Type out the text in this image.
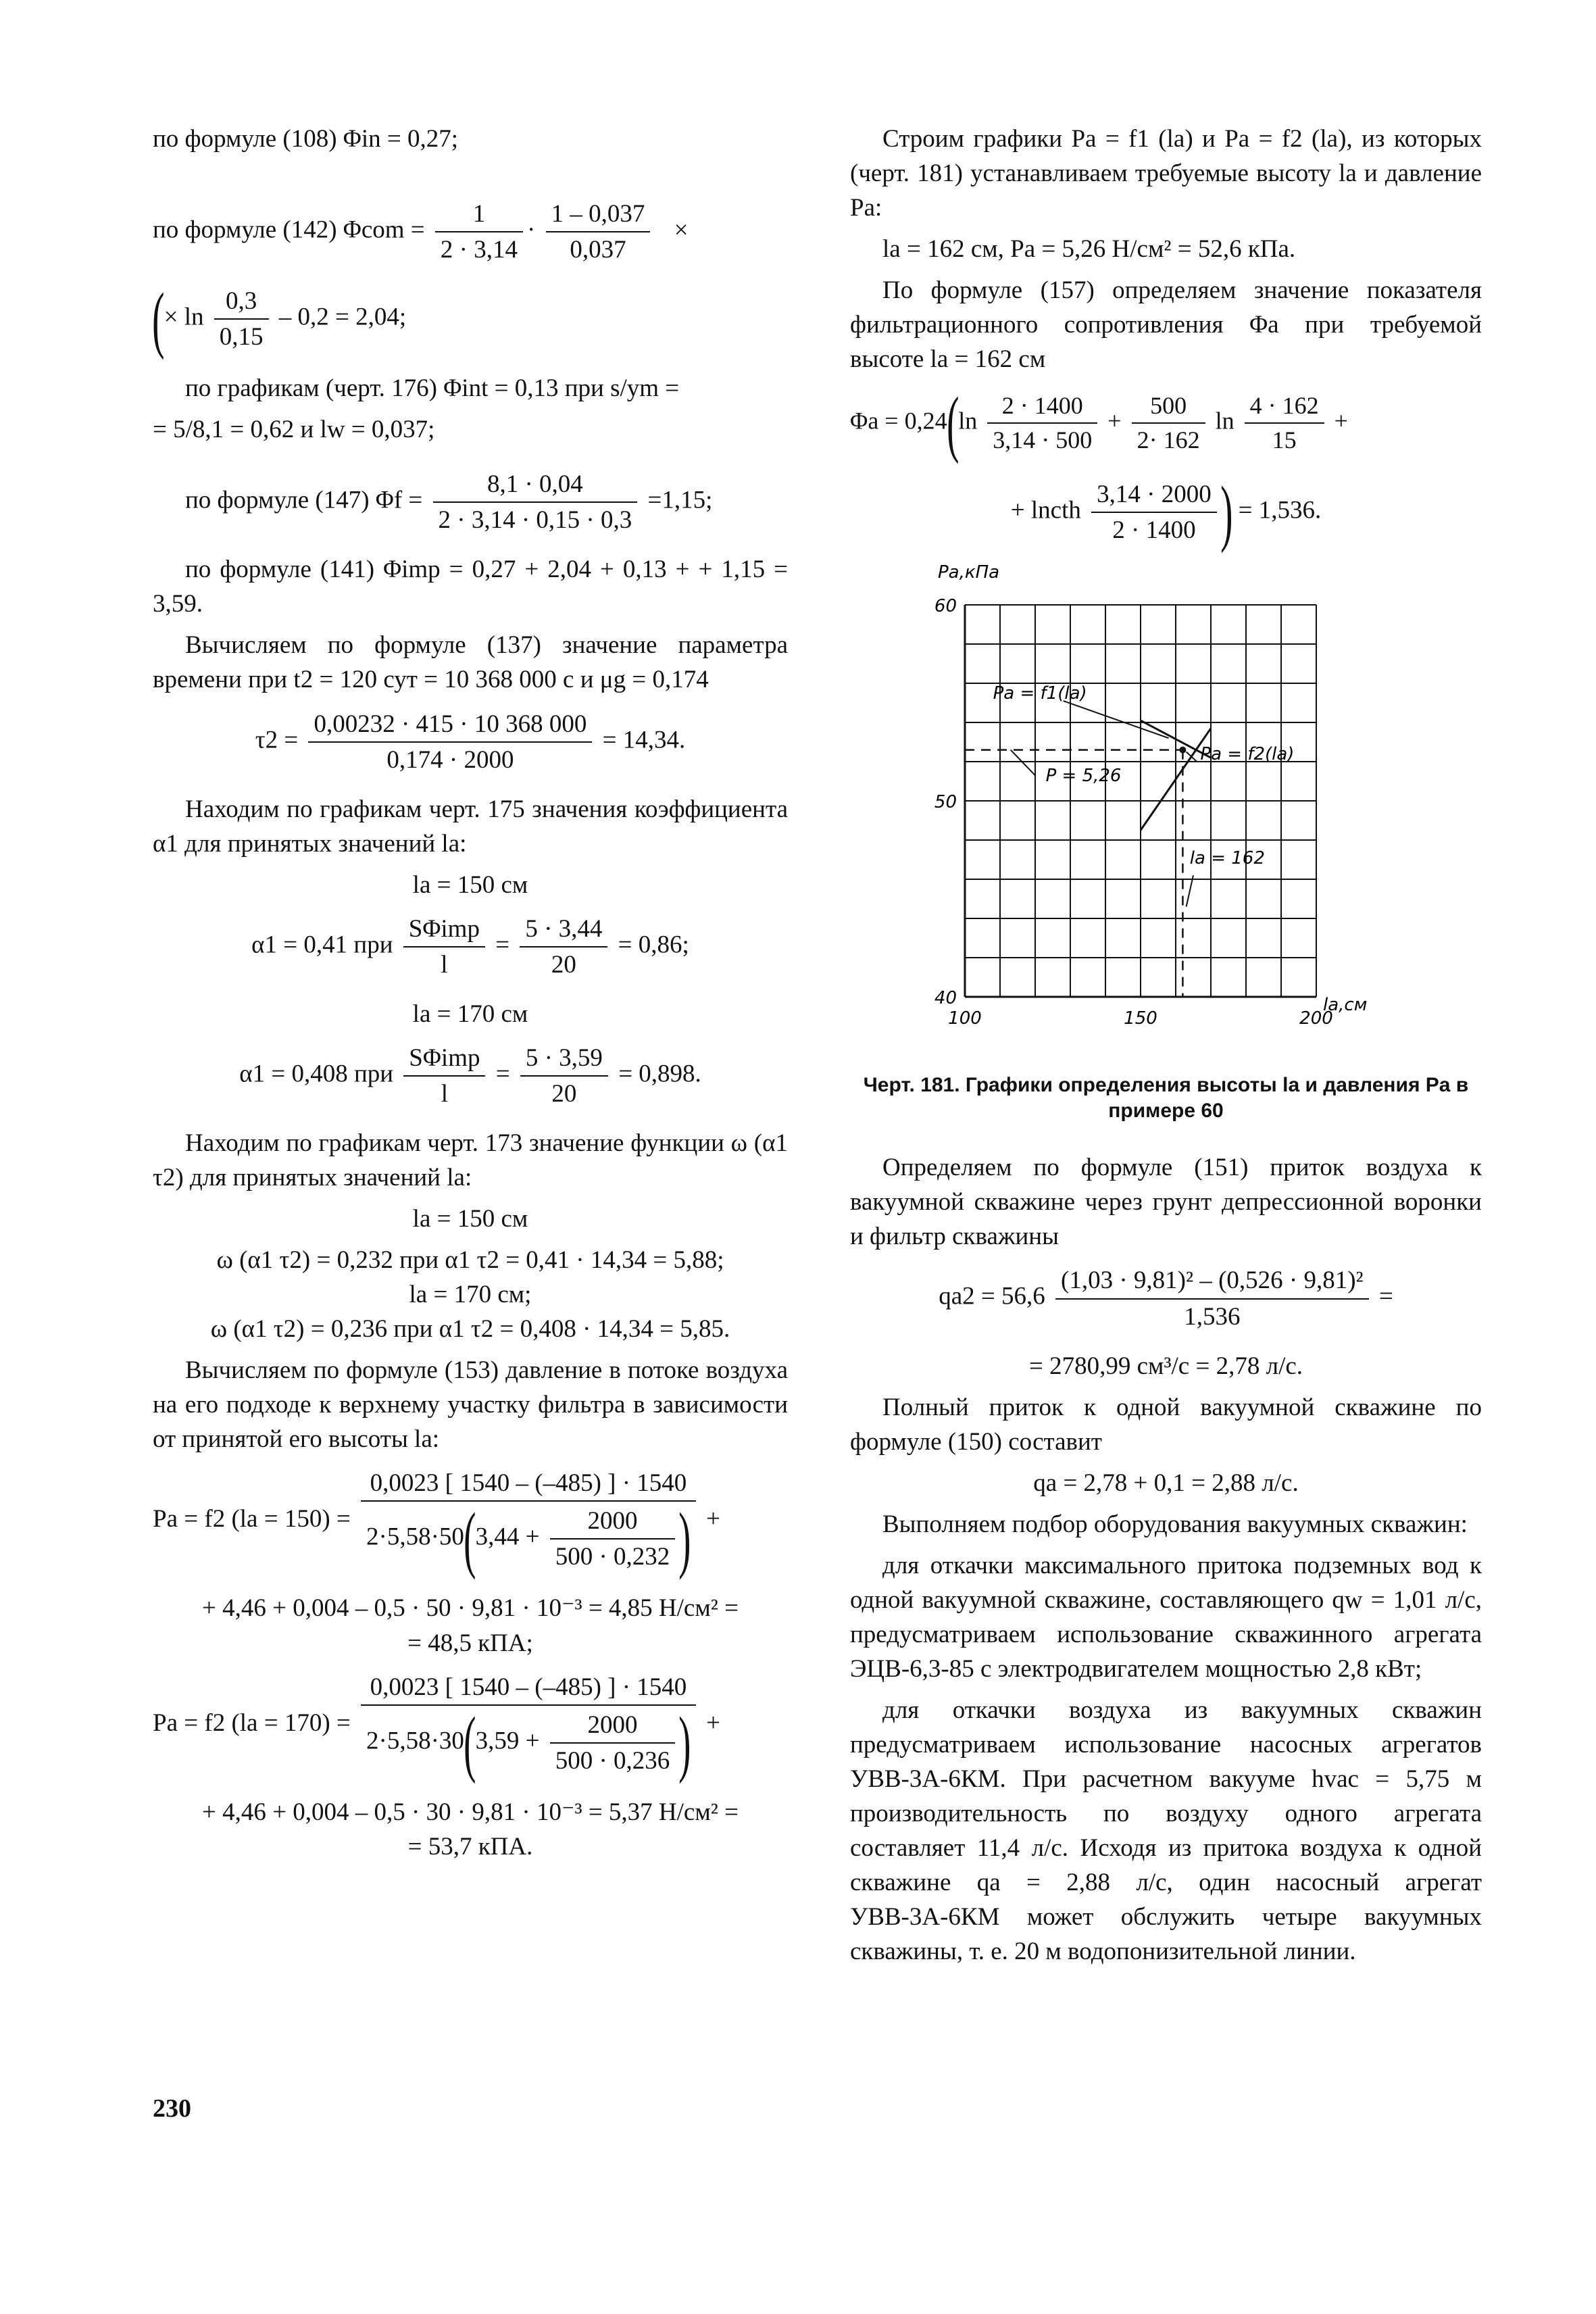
по формуле (108) Φin = 0,27;

по формуле (142) $\Phi com = \frac{1}{2 \cdot 3,14} \cdot \frac{1 - 0,037}{0,037}$ ×
(× $\ln \frac{0,3}{0,15} - 0,2 = 2,04$;

по графикам (черт. 176) Φint = 0,13 при s/ym =

= 5/8,1 = 0,62 и lw = 0,037;

по формуле (147) $\Phi f = \frac{8,1 \cdot 0,04}{2 \cdot 3,14 \cdot 0,15 \cdot 0,3} =1,15$;

по формуле (141) Φimp = 0,27 + 2,04 + 0,13 + + 1,15 = 3,59.

Вычисляем по формуле (137) значение параметра времени при t2 = 120 сут = 10 368 000 с и μg = 0,174

$\tau 2 = \frac{0,00232 \cdot 415 \cdot 10 368 000}{0,174 \cdot 2000} = 14,34$.

Находим по графикам черт. 175 значения коэффициента α1 для принятых значений la:

la = 150 см

α1 = 0,41 при $\frac{\text{SΦimp}}{l} = \frac{5 \cdot 3,44}{20} = 0,86$;

la = 170 см

α1 = 0,408 при $\frac{\text{SΦimp}}{l} = \frac{5 \cdot 3,59}{20} = 0,898$.

Находим по графикам черт. 173 значение функции ω (α1 τ2) для принятых значений la:

la = 150 см

ω (α1 τ2) = 0,232 при α1 τ2 = 0,41 · 14,34 = 5,88;

la = 170 см;

ω (α1 τ2) = 0,236 при α1 τ2 = 0,408 · 14,34 = 5,85.

Вычисляем по формуле (153) давление в потоке воздуха на его подходе к верхнему участку фильтра в зависимости от принятой его высоты la:

Pa = f2 $(la = 150) = \frac{0,0023 [ 1540 - (-485) ] \cdot 1540}{2\cdot 5,58\cdot 50(3,44 + \frac{2000}{500 \cdot 0,232} )}$ +

+ 4,46 + 0,004 – 0,5 · 50 · 9,81 · 10⁻³ = 4,85 Н/см² =

= 48,5 кПА;

Pa = f2 $(la = 170) = \frac{0,0023 [ 1540 - (-485) ] \cdot 1540}{2\cdot 5,58\cdot 30(3,59 + \frac{2000}{500 \cdot 0,236} )}$ +

+ 4,46 + 0,004 – 0,5 · 30 · 9,81 · 10⁻³ = 5,37 Н/см² =

= 53,7 кПА.

Строим графики Pa = f1 (la) и Pa = f2 (la), из которых (черт. 181) устанавливаем требуемые высоту la и давление Pa:

la = 162 см, Pa = 5,26 Н/см² = 52,6 кПа.

По формуле (157) определяем значение показателя фильтрационного сопротивления Φa при требуемой высоте la = 162 см

$\Phi a = 0,24(\ln \frac{2 \cdot 1400}{3,14 \cdot 500} + \frac{500}{2\cdot 162}$ $\ln \frac{4 \cdot 162}{15}$ +
+ lncth $\frac{3,14 \cdot 2000}{2 \cdot 1400}$ ) = 1,536.
100	150	200
40
50
60
Pa,кПа
la,см
Pa = f1(la)
Pa = f2(la)
P = 5,26
la = 162
Черт. 181. Графики определения высоты la и давления Pa в примере 60

Определяем по формуле (151) приток воздуха к вакуумной скважине через грунт депрессионной воронки и фильтр скважины

$qa2 = 56,6 \frac{\text{(1,03 · 9,81)² – (0,526 · 9,81)²}}{1,536}$ =

= 2780,99 см³/с = 2,78 л/с.

Полный приток к одной вакуумной скважине по формуле (150) составит

qa = 2,78 + 0,1 = 2,88 л/с.

Выполняем подбор оборудования вакуумных скважин:

для откачки максимального притока подземных вод к одной вакуумной скважине, составляющего qw = 1,01 л/с, предусматриваем использование скважинного агрегата ЭЦВ-6,3-85 с электродвигателем мощностью 2,8 кВт;

для откачки воздуха из вакуумных скважин предусматриваем использование насосных агрегатов УВВ-3А-6КМ. При расчетном вакууме hvac = 5,75 м производительность по воздуху одного агрегата составляет 11,4 л/с. Исходя из притока воздуха к одной скважине qa = 2,88 л/с, один насосный агрегат УВВ-3А-6КМ может обслужить четыре вакуумных скважины, т. е. 20 м водопонизительной линии.

230
